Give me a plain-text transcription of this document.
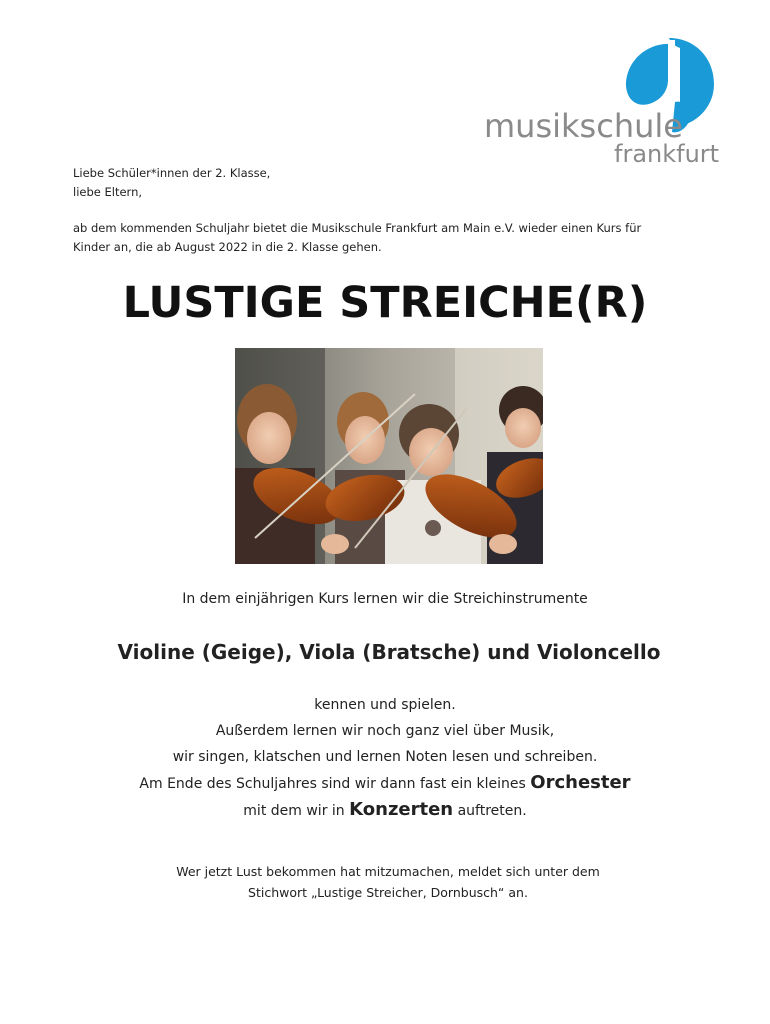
musikschule
frankfurt
Liebe Schüler*innen der 2. Klasse,
liebe Eltern,
ab dem kommenden Schuljahr bietet die Musikschule Frankfurt am Main e.V. wieder einen Kurs für
Kinder an, die ab August 2022 in die 2. Klasse gehen.
LUSTIGE STREICHE(R)
In dem einjährigen Kurs lernen wir die Streichinstrumente
Violine (Geige), Viola (Bratsche) und Violoncello
kennen und spielen.
Außerdem lernen wir noch ganz viel über Musik,
wir singen, klatschen und lernen Noten lesen und schreiben.
Am Ende des Schuljahres sind wir dann fast ein kleines Orchester
mit dem wir in Konzerten auftreten.
Wer jetzt Lust bekommen hat mitzumachen, meldet sich unter dem
Stichwort „Lustige Streicher, Dornbusch“ an.
